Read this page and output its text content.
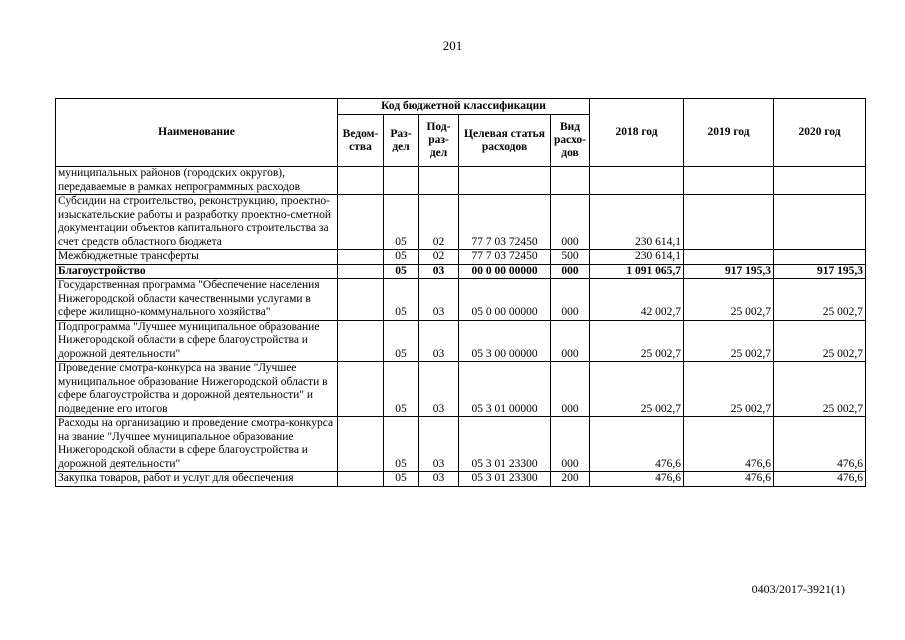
201
Наименование	Код бюджетной классификации					2018 год	2019 год	2020 год
	Ведом-ства	Раз-дел	Под-раз-дел	Целевая статья расходов	Вид расхо-дов			
муниципальных районов (городских округов), передаваемые в рамках непрограммных расходов								
Субсидии на строительство, реконструкцию, проектно-изыскательские работы и разработку проектно-сметной документации объектов капитального строительства за счет средств областного бюджета		05	02	77 7 03 72450	000	230 614,1		
Межбюджетные трансферты		05	02	77 7 03 72450	500	230 614,1		
Благоустройство		05	03	00 0 00 00000	000	1 091 065,7	917 195,3	917 195,3
Государственная программа "Обеспечение населения Нижегородской области качественными услугами в сфере жилищно-коммунального хозяйства"		05	03	05 0 00 00000	000	42 002,7	25 002,7	25 002,7
Подпрограмма "Лучшее муниципальное образование Нижегородской области в сфере благоустройства и дорожной деятельности"		05	03	05 3 00 00000	000	25 002,7	25 002,7	25 002,7
Проведение смотра-конкурса на звание "Лучшее муниципальное образование Нижегородской области в сфере благоустройства и дорожной деятельности" и подведение его итогов		05	03	05 3 01 00000	000	25 002,7	25 002,7	25 002,7
Расходы на организацию и проведение смотра-конкурса на звание "Лучшее муниципальное образование Нижегородской области в сфере благоустройства и дорожной деятельности"		05	03	05 3 01 23300	000	476,6	476,6	476,6
Закупка товаров, работ и услуг для обеспечения		05	03	05 3 01 23300	200	476,6	476,6	476,6
0403/2017-3921(1)
